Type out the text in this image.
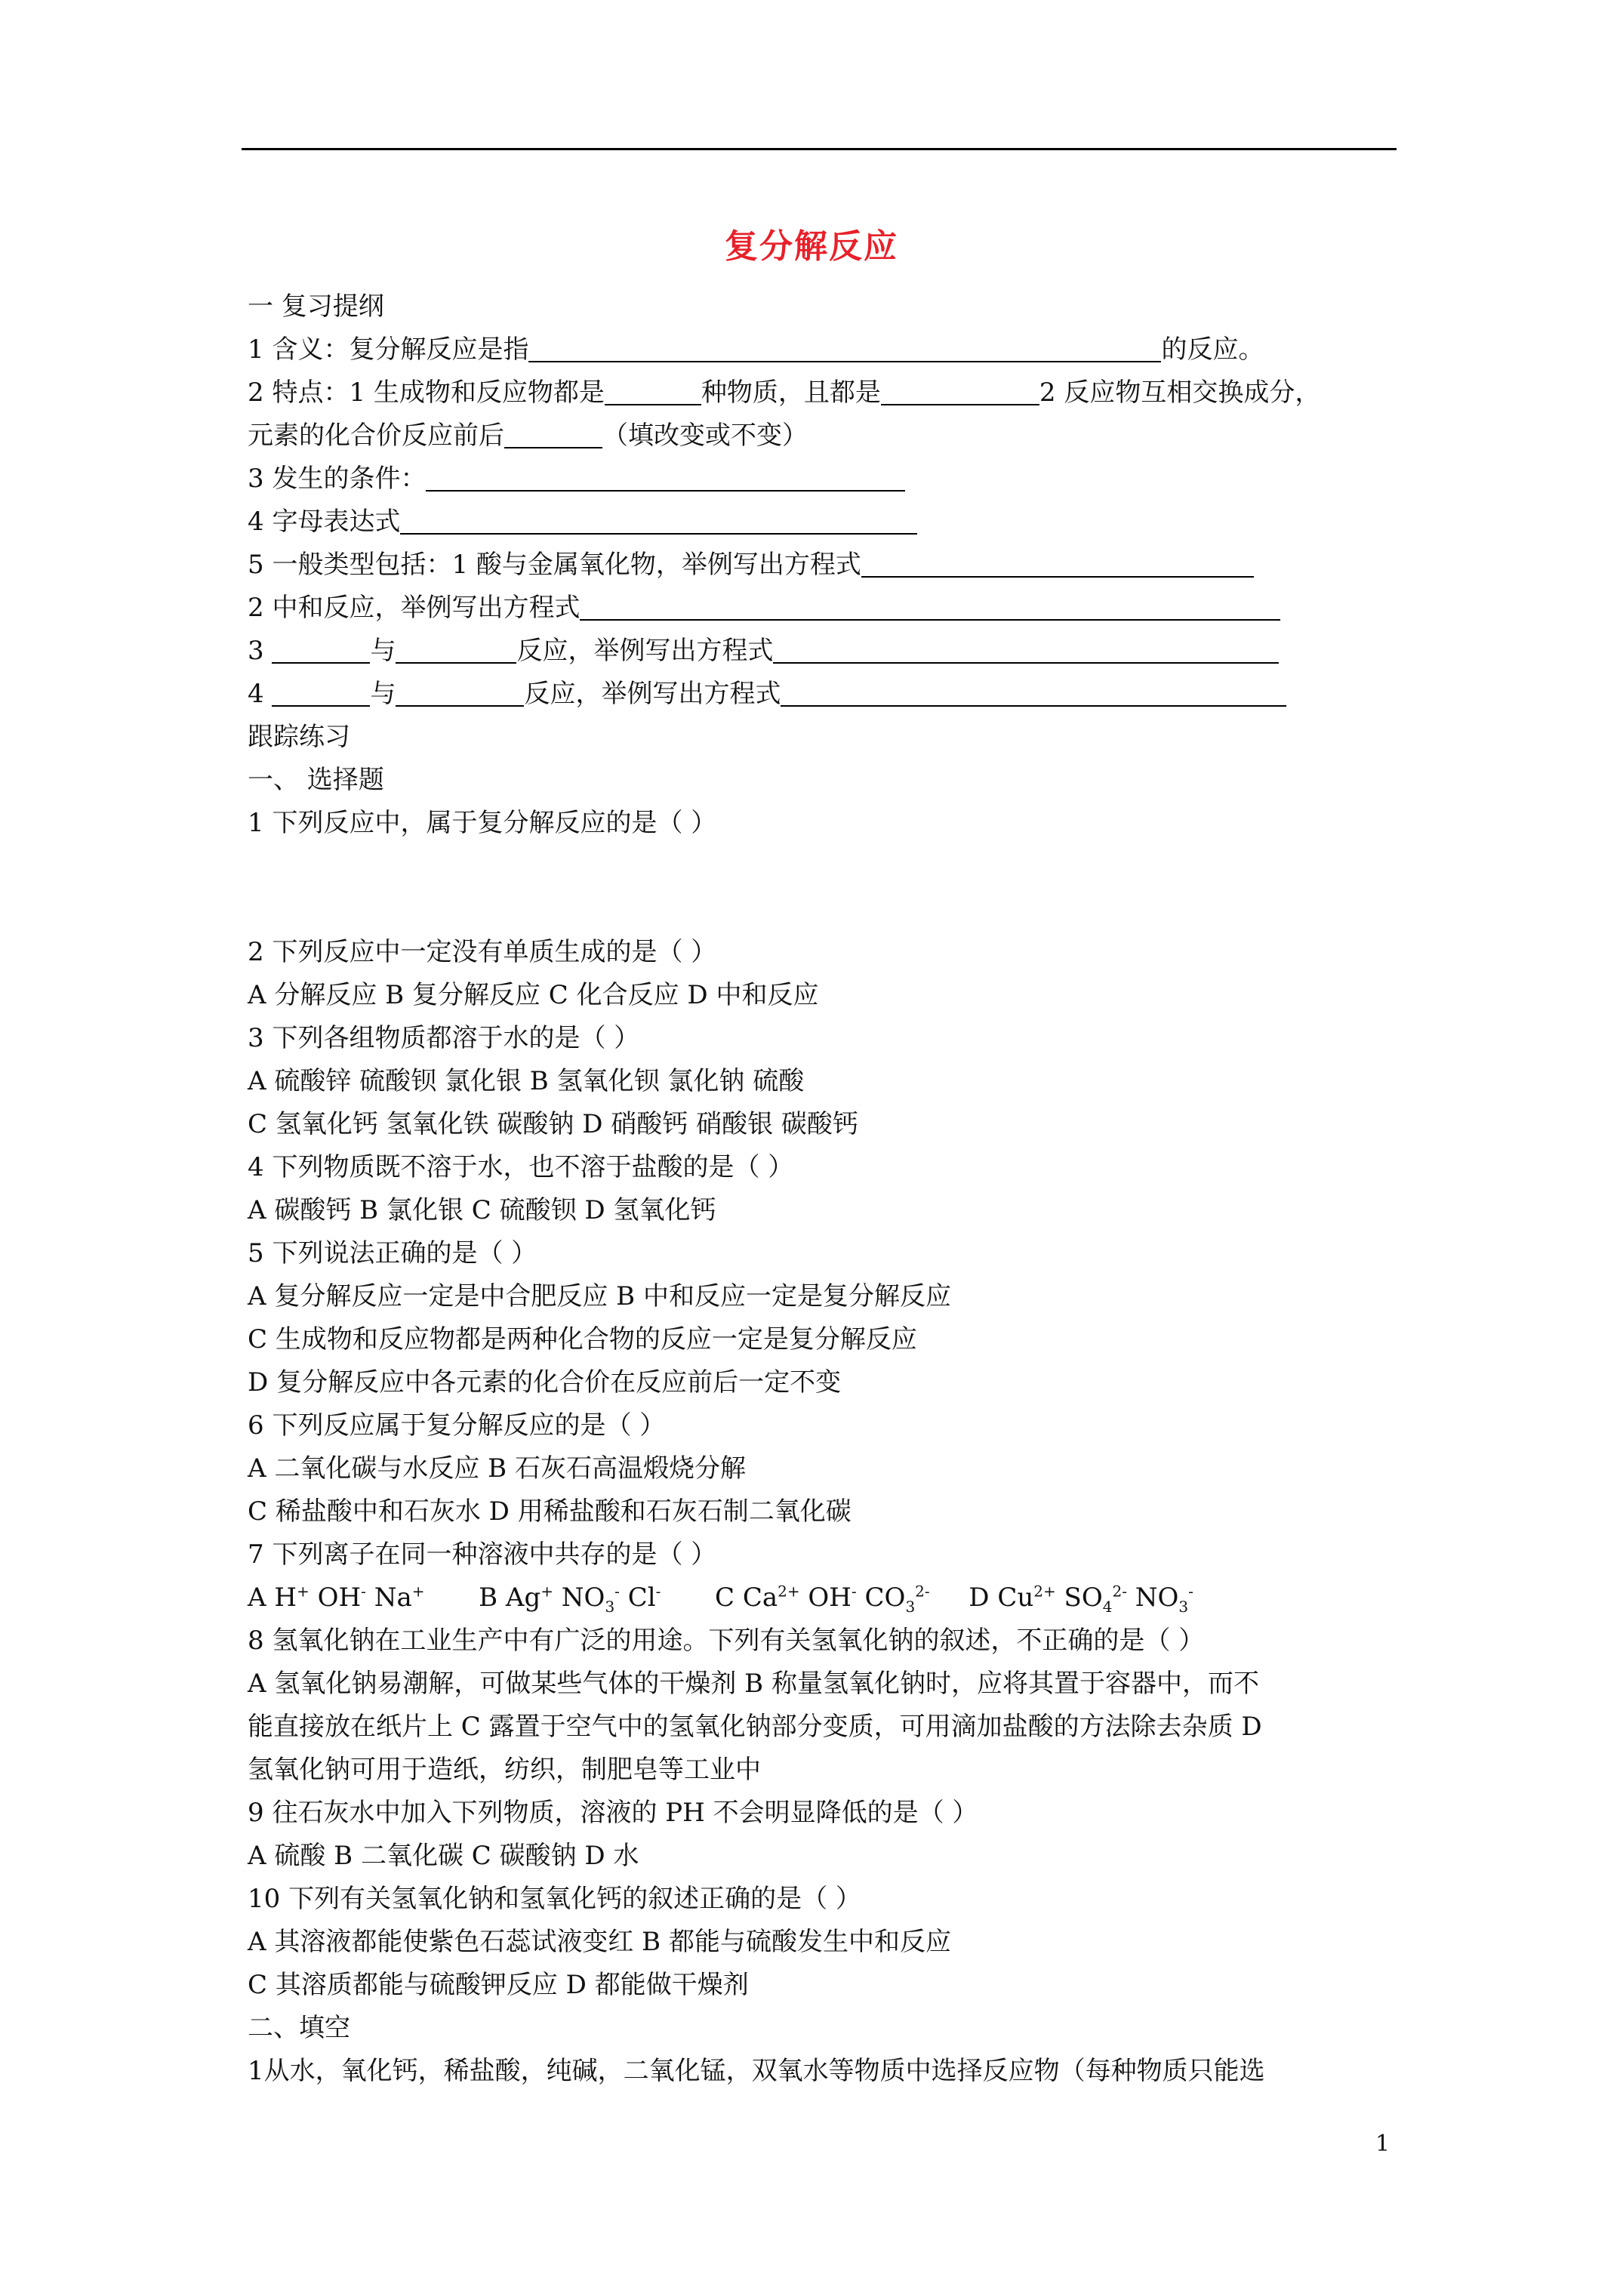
复分解反应
一 复习提纲
1 含义：复分解反应是指	的反应。
2 特点：1 生成物和反应物都是	种物质，且都是	2 反应物互相交换成分，
元素的化合价反应前后	（填改变或不变）
3 发生的条件：
4 字母表达式
5 一般类型包括：1 酸与金属氧化物，举例写出方程式
2 中和反应，举例写出方程式
3	与	反应，举例写出方程式
4	与	反应，举例写出方程式
跟踪练习
一、 选择题
1 下列反应中，属于复分解反应的是（ ）
2 下列反应中一定没有单质生成的是（ ）
A 分解反应 B 复分解反应 C 化合反应 D 中和反应
3 下列各组物质都溶于水的是（ ）
A 硫酸锌 硫酸钡 氯化银 B 氢氧化钡 氯化钠 硫酸
C 氢氧化钙 氢氧化铁 碳酸钠 D 硝酸钙 硝酸银 碳酸钙
4 下列物质既不溶于水，也不溶于盐酸的是（ ）
A 碳酸钙 B 氯化银 C 硫酸钡 D 氢氧化钙
5 下列说法正确的是（ ）
A 复分解反应一定是中合肥反应 B 中和反应一定是复分解反应
C 生成物和反应物都是两种化合物的反应一定是复分解反应
D 复分解反应中各元素的化合价在反应前后一定不变
6 下列反应属于复分解反应的是（ ）
A 二氧化碳与水反应 B 石灰石高温煅烧分解
C 稀盐酸中和石灰水 D 用稀盐酸和石灰石制二氧化碳
7 下列离子在同一种溶液中共存的是（ ）
A H+ OH- Na+ B Ag+ $NO_3^-$ Cl- C $Ca^{2+}$ OH- $CO_3^{2-}$ D $Cu^{2+}$ $SO_4^{2-}$ $NO_3^-$
8 氢氧化钠在工业生产中有广泛的用途。下列有关氢氧化钠的叙述，不正确的是（ ）
A 氢氧化钠易潮解，可做某些气体的干燥剂 B 称量氢氧化钠时，应将其置于容器中，而不
能直接放在纸片上 C 露置于空气中的氢氧化钠部分变质，可用滴加盐酸的方法除去杂质 D
氢氧化钠可用于造纸，纺织，制肥皂等工业中
9 往石灰水中加入下列物质，溶液的 PH 不会明显降低的是（ ）
A 硫酸 B 二氧化碳 C 碳酸钠 D 水
10 下列有关氢氧化钠和氢氧化钙的叙述正确的是（ ）
A 其溶液都能使紫色石蕊试液变红 B 都能与硫酸发生中和反应
C 其溶质都能与硫酸钾反应 D 都能做干燥剂
二、填空
1从水，氧化钙，稀盐酸，纯碱，二氧化锰，双氧水等物质中选择反应物（每种物质只能选
1
